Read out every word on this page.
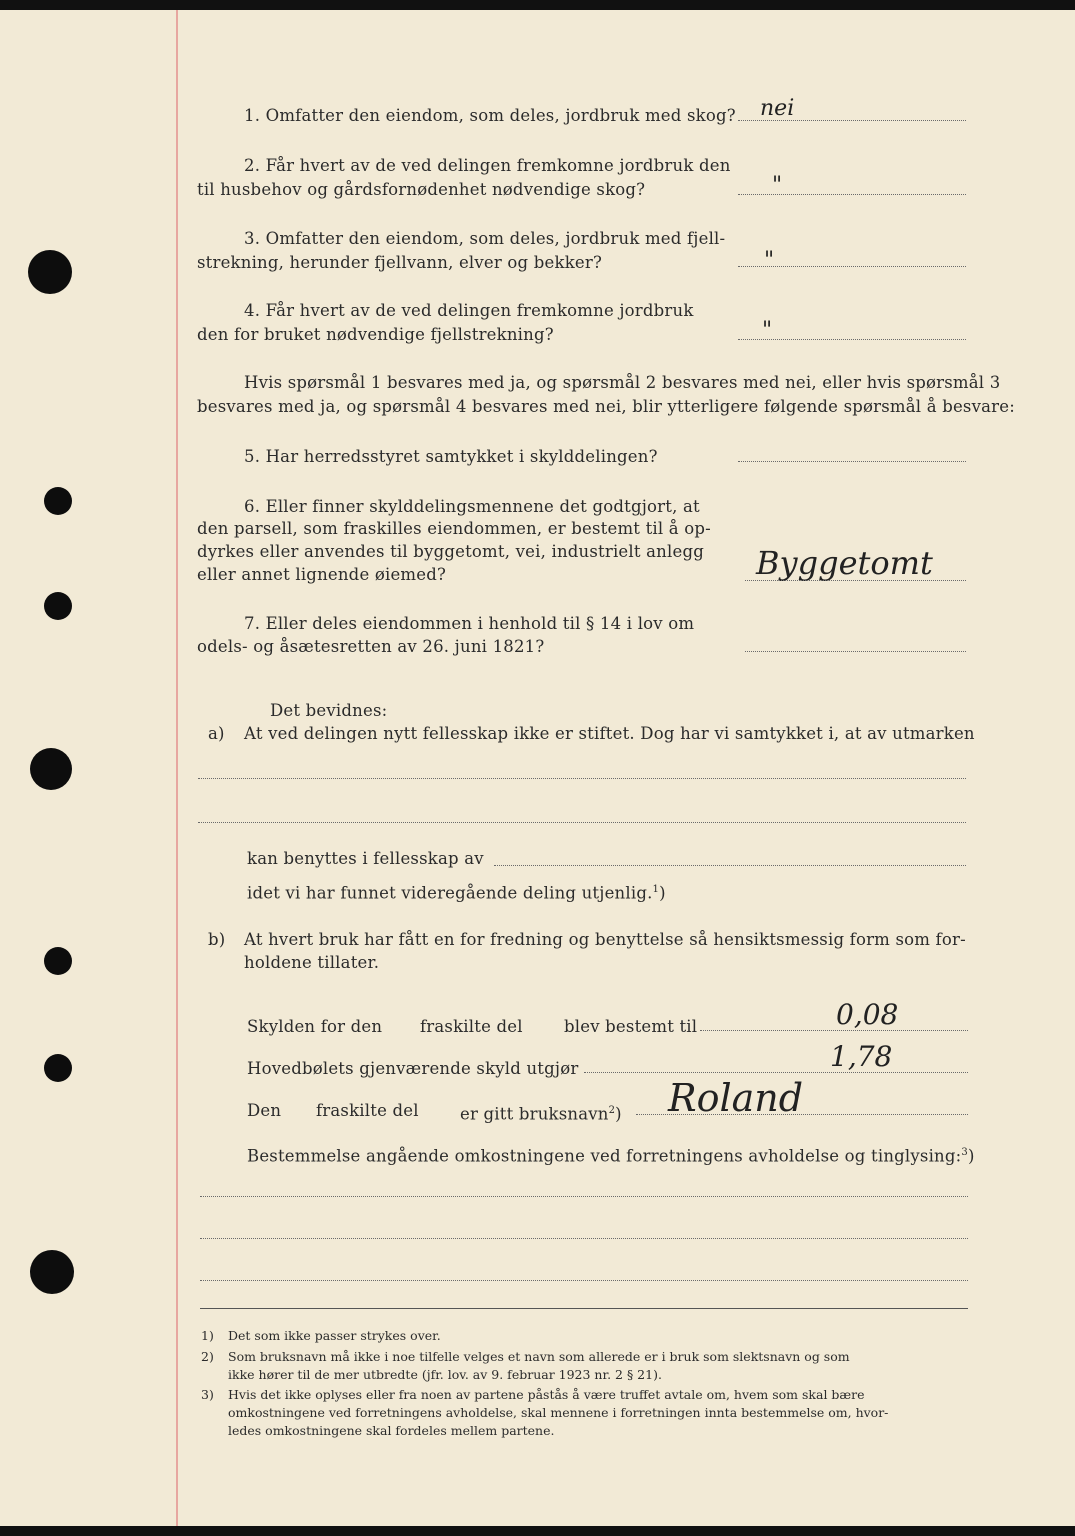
1. Omfatter den eiendom, som deles, jordbruk med skog? nei
2. Får hvert av de ved delingen fremkomne jordbruk den
til husbehov og gårdsfornødenhet nødvendige skog?	"
3. Omfatter den eiendom, som deles, jordbruk med fjell-
strekning, herunder fjellvann, elver og bekker?	"
4. Får hvert av de ved delingen fremkomne jordbruk
den for bruket nødvendige fjellstrekning?	"
Hvis spørsmål 1 besvares med ja, og spørsmål 2 besvares med nei, eller hvis spørsmål 3
besvares med ja, og spørsmål 4 besvares med nei, blir ytterligere følgende spørsmål å besvare:
5. Har herredsstyret samtykket i skylddelingen?
6. Eller finner skylddelingsmennene det godtgjort, at
den parsell, som fraskilles eiendommen, er bestemt til å op-
dyrkes eller anvendes til byggetomt, vei, industrielt anlegg
eller annet lignende øiemed?	Byggetomt
7. Eller deles eiendommen i henhold til § 14 i lov om
odels- og åsætesretten av 26. juni 1821?
Det bevidnes:
a) At ved delingen nytt fellesskap ikke er stiftet. Dog har vi samtykket i, at av utmarken
kan benyttes i fellesskap av
idet vi har funnet videregående deling utjenlig.$^1$)
b) At hvert bruk har fått en for fredning og benyttelse så hensiktsmessig form som for-
holdene tillater.
Skylden for den fraskilte del	blev bestemt til	0,08
Hovedbølets gjenværende skyld utgjør	1,78
Den fraskilte del	er gitt bruksnavn$^2$) Roland
Bestemmelse angående omkostningene ved forretningens avholdelse og tinglysing:$^3$)
1) Det som ikke passer strykes over.
2) Som bruksnavn må ikke i noe tilfelle velges et navn som allerede er i bruk som slektsnavn og som
ikke hører til de mer utbredte (jfr. lov. av 9. februar 1923 nr. 2 § 21).
3) Hvis det ikke oplyses eller fra noen av partene påstås å være truffet avtale om, hvem som skal bære
omkostningene ved forretningens avholdelse, skal mennene i forretningen innta bestemmelse om, hvor-
ledes omkostningene skal fordeles mellem partene.
